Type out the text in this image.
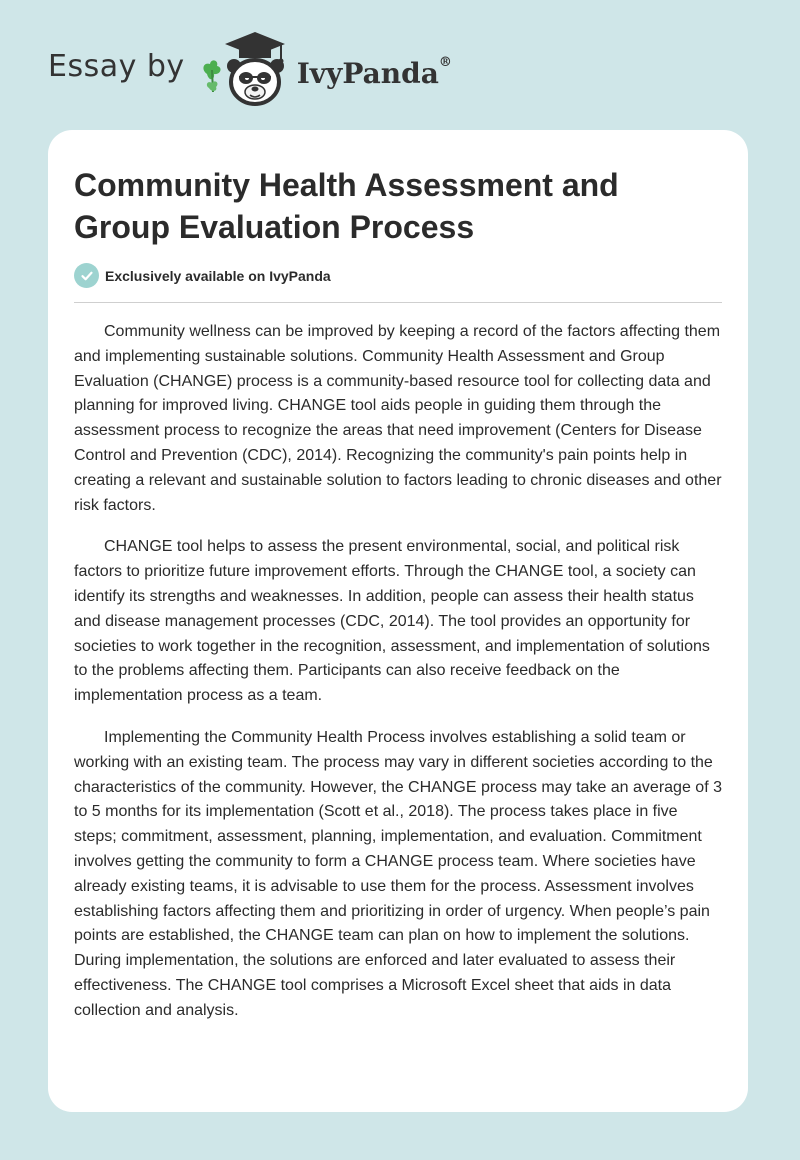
Essay by	IvyPanda®
Community Health Assessment and Group Evaluation Process
Exclusively available on IvyPanda

Community wellness can be improved by keeping a record of the factors affecting them and implementing sustainable solutions. Community Health Assessment and Group Evaluation (CHANGE) process is a community-based resource tool for collecting data and planning for improved living. CHANGE tool aids people in guiding them through the assessment process to recognize the areas that need improvement (Centers for Disease Control and Prevention (CDC), 2014). Recognizing the community's pain points help in creating a relevant and sustainable solution to factors leading to chronic diseases and other risk factors.

CHANGE tool helps to assess the present environmental, social, and political risk factors to prioritize future improvement efforts. Through the CHANGE tool, a society can identify its strengths and weaknesses. In addition, people can assess their health status and disease management processes (CDC, 2014). The tool provides an opportunity for societies to work together in the recognition, assessment, and implementation of solutions to the problems affecting them. Participants can also receive feedback on the implementation process as a team.

Implementing the Community Health Process involves establishing a solid team or working with an existing team. The process may vary in different societies according to the characteristics of the community. However, the CHANGE process may take an average of 3 to 5 months for its implementation (Scott et al., 2018). The process takes place in five steps; commitment, assessment, planning, implementation, and evaluation. Commitment involves getting the community to form a CHANGE process team. Where societies have already existing teams, it is advisable to use them for the process. Assessment involves establishing factors affecting them and prioritizing in order of urgency. When people’s pain points are established, the CHANGE team can plan on how to implement the solutions. During implementation, the solutions are enforced and later evaluated to assess their effectiveness. The CHANGE tool comprises a Microsoft Excel sheet that aids in data collection and analysis.
